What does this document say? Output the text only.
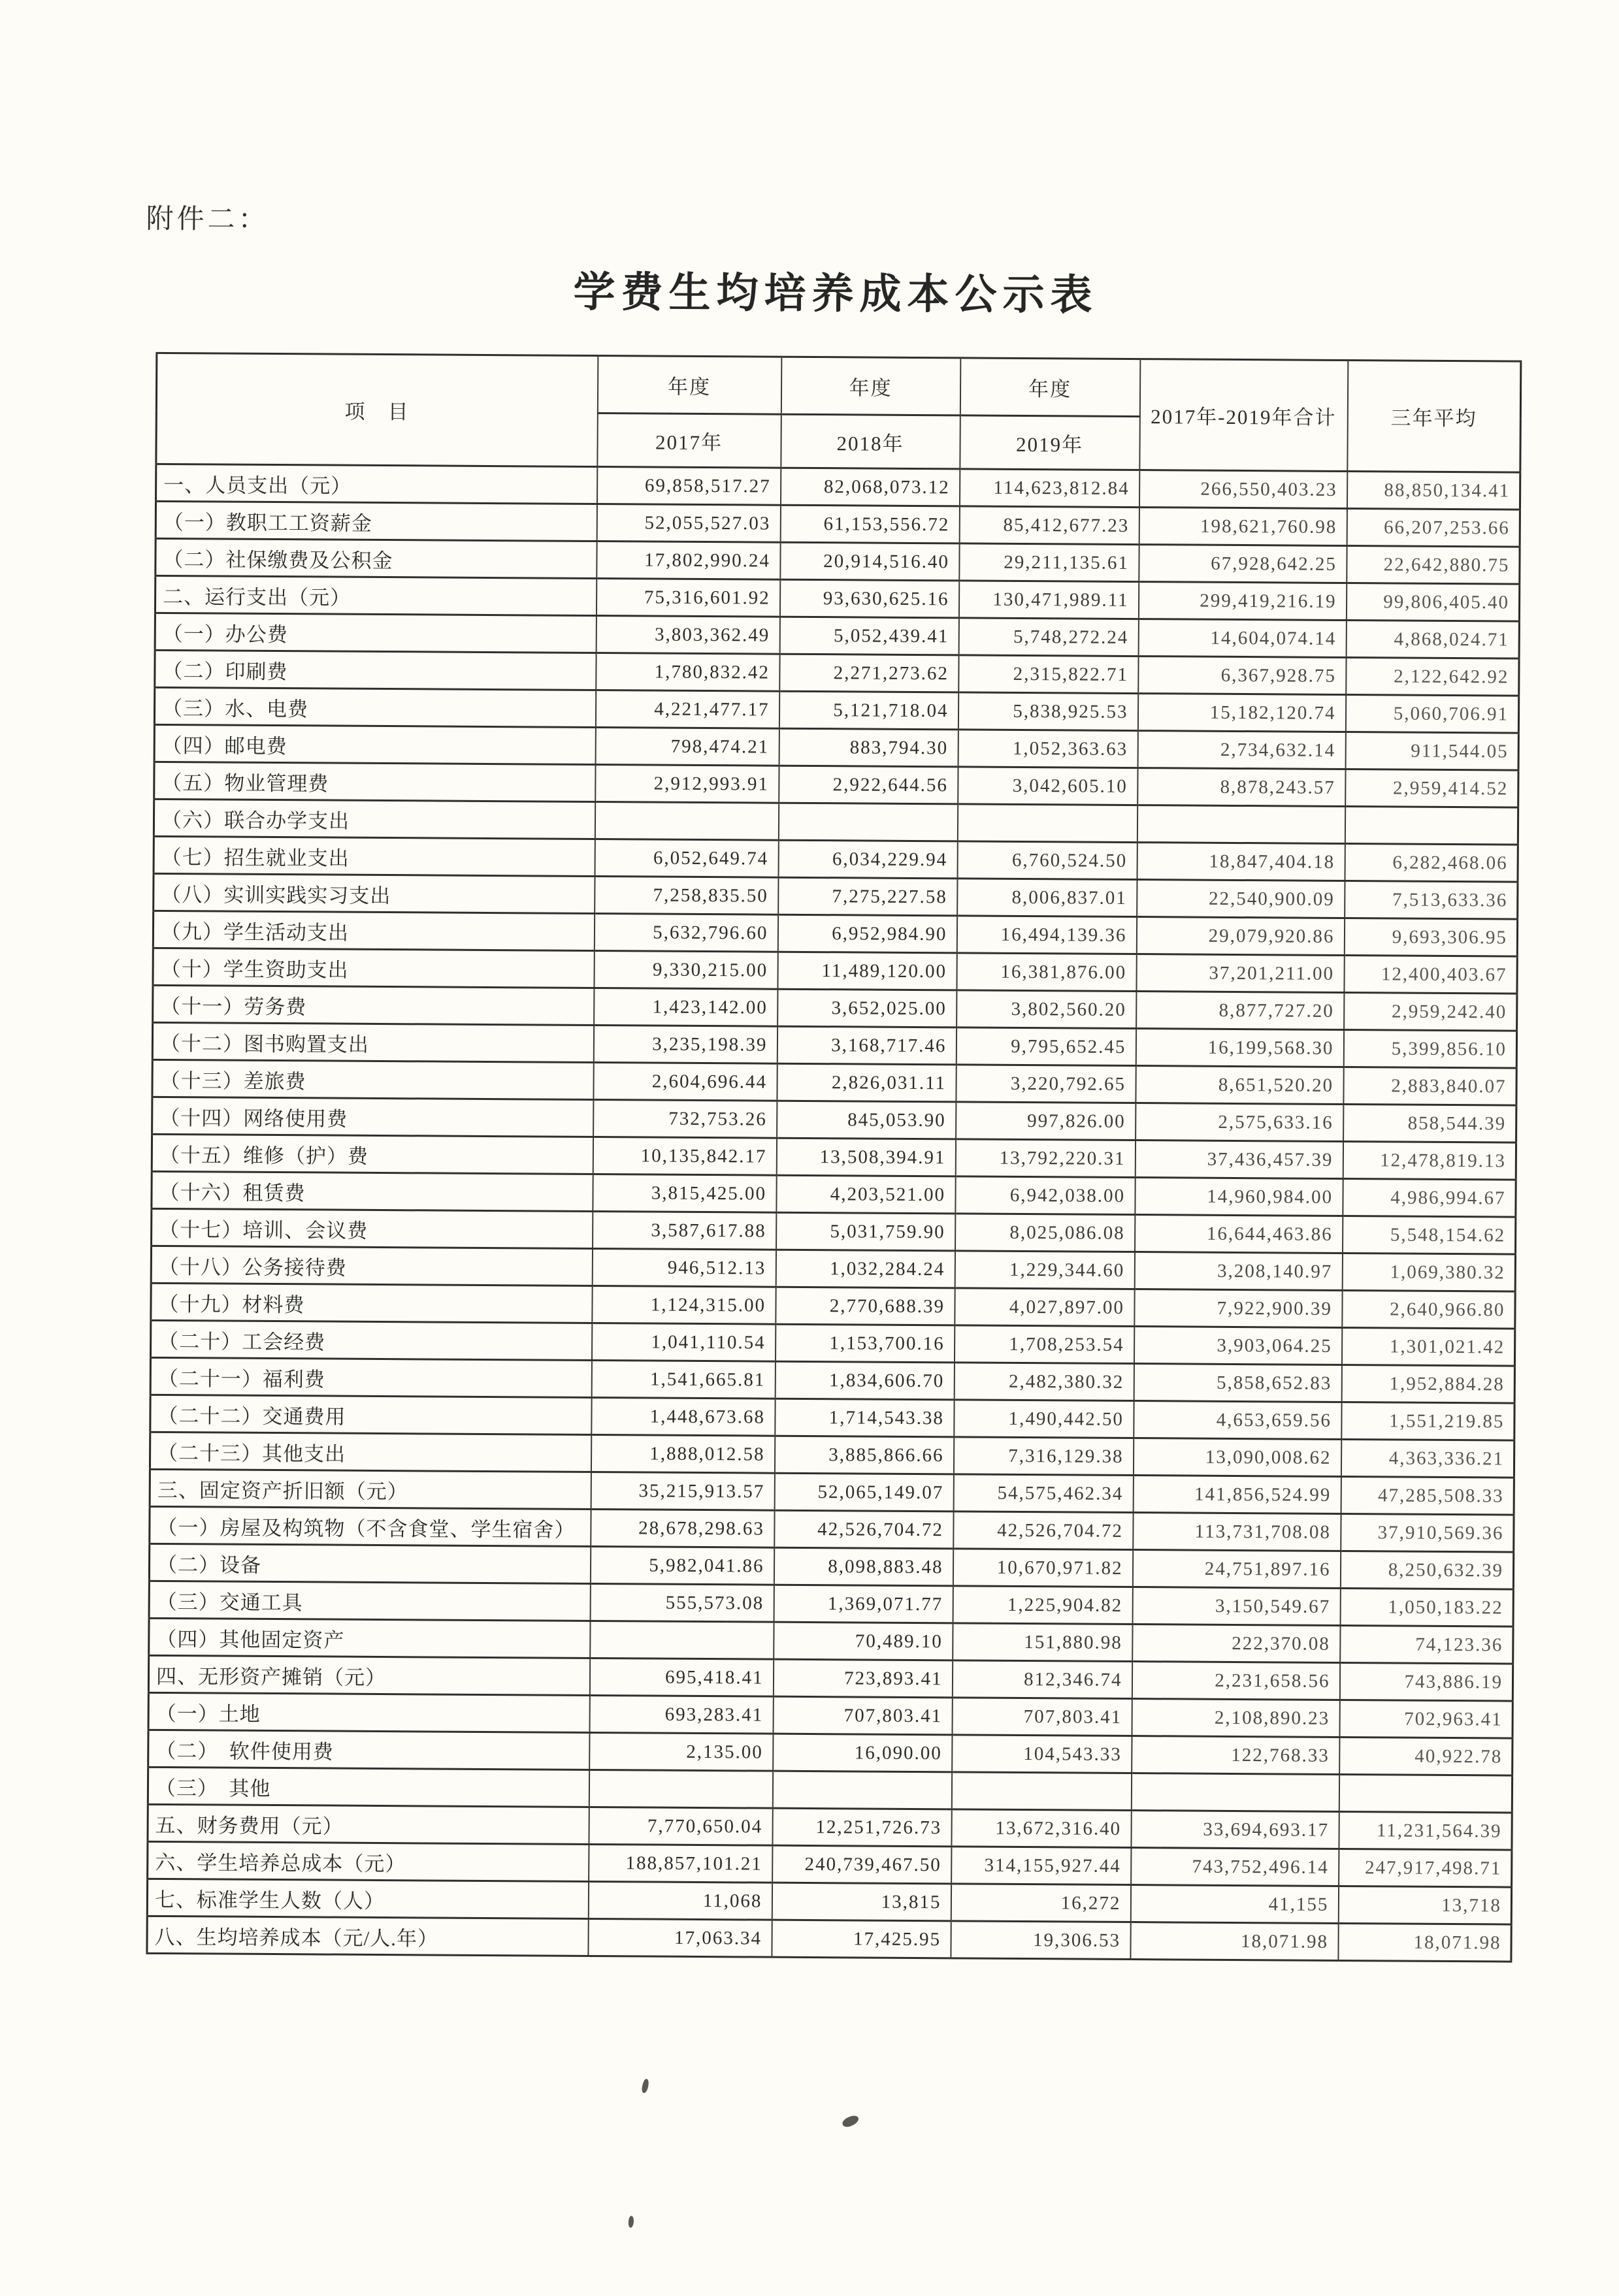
附件二：
学费生均培养成本公示表
项　目	年度	年度	年度	2017年-2019年合计	三年平均
	2017年	2018年	2019年		
一、人员支出（元）	69,858,517.27	82,068,073.12	114,623,812.84	266,550,403.23	88,850,134.41
（一）教职工工资薪金	52,055,527.03	61,153,556.72	85,412,677.23	198,621,760.98	66,207,253.66
（二）社保缴费及公积金	17,802,990.24	20,914,516.40	29,211,135.61	67,928,642.25	22,642,880.75
二、运行支出（元）	75,316,601.92	93,630,625.16	130,471,989.11	299,419,216.19	99,806,405.40
（一）办公费	3,803,362.49	5,052,439.41	5,748,272.24	14,604,074.14	4,868,024.71
（二）印刷费	1,780,832.42	2,271,273.62	2,315,822.71	6,367,928.75	2,122,642.92
（三）水、电费	4,221,477.17	5,121,718.04	5,838,925.53	15,182,120.74	5,060,706.91
（四）邮电费	798,474.21	883,794.30	1,052,363.63	2,734,632.14	911,544.05
（五）物业管理费	2,912,993.91	2,922,644.56	3,042,605.10	8,878,243.57	2,959,414.52
（六）联合办学支出					
（七）招生就业支出	6,052,649.74	6,034,229.94	6,760,524.50	18,847,404.18	6,282,468.06
（八）实训实践实习支出	7,258,835.50	7,275,227.58	8,006,837.01	22,540,900.09	7,513,633.36
（九）学生活动支出	5,632,796.60	6,952,984.90	16,494,139.36	29,079,920.86	9,693,306.95
（十）学生资助支出	9,330,215.00	11,489,120.00	16,381,876.00	37,201,211.00	12,400,403.67
（十一）劳务费	1,423,142.00	3,652,025.00	3,802,560.20	8,877,727.20	2,959,242.40
（十二）图书购置支出	3,235,198.39	3,168,717.46	9,795,652.45	16,199,568.30	5,399,856.10
（十三）差旅费	2,604,696.44	2,826,031.11	3,220,792.65	8,651,520.20	2,883,840.07
（十四）网络使用费	732,753.26	845,053.90	997,826.00	2,575,633.16	858,544.39
（十五）维修（护）费	10,135,842.17	13,508,394.91	13,792,220.31	37,436,457.39	12,478,819.13
（十六）租赁费	3,815,425.00	4,203,521.00	6,942,038.00	14,960,984.00	4,986,994.67
（十七）培训、会议费	3,587,617.88	5,031,759.90	8,025,086.08	16,644,463.86	5,548,154.62
（十八）公务接待费	946,512.13	1,032,284.24	1,229,344.60	3,208,140.97	1,069,380.32
（十九）材料费	1,124,315.00	2,770,688.39	4,027,897.00	7,922,900.39	2,640,966.80
（二十）工会经费	1,041,110.54	1,153,700.16	1,708,253.54	3,903,064.25	1,301,021.42
（二十一）福利费	1,541,665.81	1,834,606.70	2,482,380.32	5,858,652.83	1,952,884.28
（二十二）交通费用	1,448,673.68	1,714,543.38	1,490,442.50	4,653,659.56	1,551,219.85
（二十三）其他支出	1,888,012.58	3,885,866.66	7,316,129.38	13,090,008.62	4,363,336.21
三、固定资产折旧额（元）	35,215,913.57	52,065,149.07	54,575,462.34	141,856,524.99	47,285,508.33
（一）房屋及构筑物（不含食堂、学生宿舍）	28,678,298.63	42,526,704.72	42,526,704.72	113,731,708.08	37,910,569.36
（二）设备	5,982,041.86	8,098,883.48	10,670,971.82	24,751,897.16	8,250,632.39
（三）交通工具	555,573.08	1,369,071.77	1,225,904.82	3,150,549.67	1,050,183.22
（四）其他固定资产		70,489.10	151,880.98	222,370.08	74,123.36
四、无形资产摊销（元）	695,418.41	723,893.41	812,346.74	2,231,658.56	743,886.19
（一）土地	693,283.41	707,803.41	707,803.41	2,108,890.23	702,963.41
（二）　软件使用费	2,135.00	16,090.00	104,543.33	122,768.33	40,922.78
（三）　其他					
五、财务费用（元）	7,770,650.04	12,251,726.73	13,672,316.40	33,694,693.17	11,231,564.39
六、学生培养总成本（元）	188,857,101.21	240,739,467.50	314,155,927.44	743,752,496.14	247,917,498.71
七、标准学生人数（人）	11,068	13,815	16,272	41,155	13,718
八、生均培养成本（元/人.年）	17,063.34	17,425.95	19,306.53	18,071.98	18,071.98
